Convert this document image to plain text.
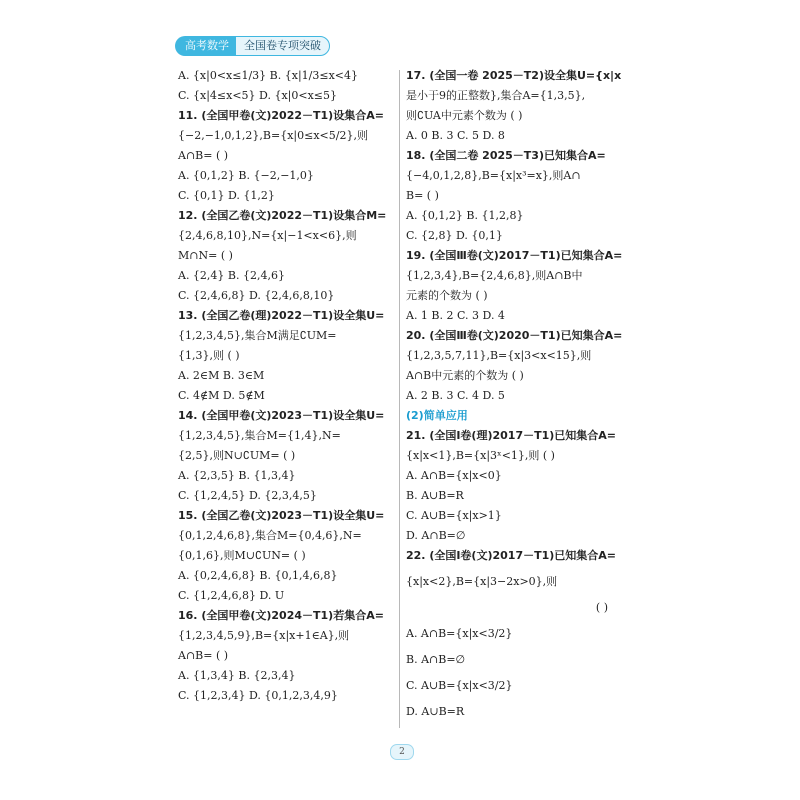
高考数学	全国卷专项突破
A. {x|0<x≤1/3} B. {x|1/3≤x<4}
C. {x|4≤x<5} D. {x|0<x≤5}
11. (全国甲卷(文)2022－T1)设集合A=
{−2,−1,0,1,2},B={x|0≤x<5/2},则
A∩B= ( )
A. {0,1,2} B. {−2,−1,0}
C. {0,1} D. {1,2}
12. (全国乙卷(文)2022－T1)设集合M=
{2,4,6,8,10},N={x|−1<x<6},则
M∩N= ( )
A. {2,4} B. {2,4,6}
C. {2,4,6,8} D. {2,4,6,8,10}
13. (全国乙卷(理)2022－T1)设全集U=
{1,2,3,4,5},集合M满足∁UM=
{1,3},则 ( )
A. 2∈M B. 3∈M
C. 4∉M D. 5∉M
14. (全国甲卷(文)2023－T1)设全集U=
{1,2,3,4,5},集合M={1,4},N=
{2,5},则N∪∁UM= ( )
A. {2,3,5} B. {1,3,4}
C. {1,2,4,5} D. {2,3,4,5}
15. (全国乙卷(文)2023－T1)设全集U=
{0,1,2,4,6,8},集合M={0,4,6},N=
{0,1,6},则M∪∁UN= ( )
A. {0,2,4,6,8} B. {0,1,4,6,8}
C. {1,2,4,6,8} D. U
16. (全国甲卷(文)2024－T1)若集合A=
{1,2,3,4,5,9},B={x|x+1∈A},则
A∩B= ( )
A. {1,3,4} B. {2,3,4}
C. {1,2,3,4} D. {0,1,2,3,4,9}
17. (全国一卷 2025－T2)设全集U={x|x
是小于9的正整数},集合A={1,3,5},
则∁UA中元素个数为 ( )
A. 0 B. 3 C. 5 D. 8
18. (全国二卷 2025－T3)已知集合A=
{−4,0,1,2,8},B={x|x³=x},则A∩
B= ( )
A. {0,1,2} B. {1,2,8}
C. {2,8} D. {0,1}
19. (全国Ⅲ卷(文)2017－T1)已知集合A=
{1,2,3,4},B={2,4,6,8},则A∩B中
元素的个数为 ( )
A. 1 B. 2 C. 3 D. 4
20. (全国Ⅲ卷(文)2020－T1)已知集合A=
{1,2,3,5,7,11},B={x|3<x<15},则
A∩B中元素的个数为 ( )
A. 2 B. 3 C. 4 D. 5
(2)简单应用
21. (全国Ⅰ卷(理)2017－T1)已知集合A=
{x|x<1},B={x|3ˣ<1},则 ( )
A. A∩B={x|x<0}
B. A∪B=R
C. A∪B={x|x>1}
D. A∩B=∅
22. (全国Ⅰ卷(文)2017－T1)已知集合A=
{x|x<2},B={x|3−2x>0},则
( )
A. A∩B={x|x<3/2}
B. A∩B=∅
C. A∪B={x|x<3/2}
D. A∪B=R
2
